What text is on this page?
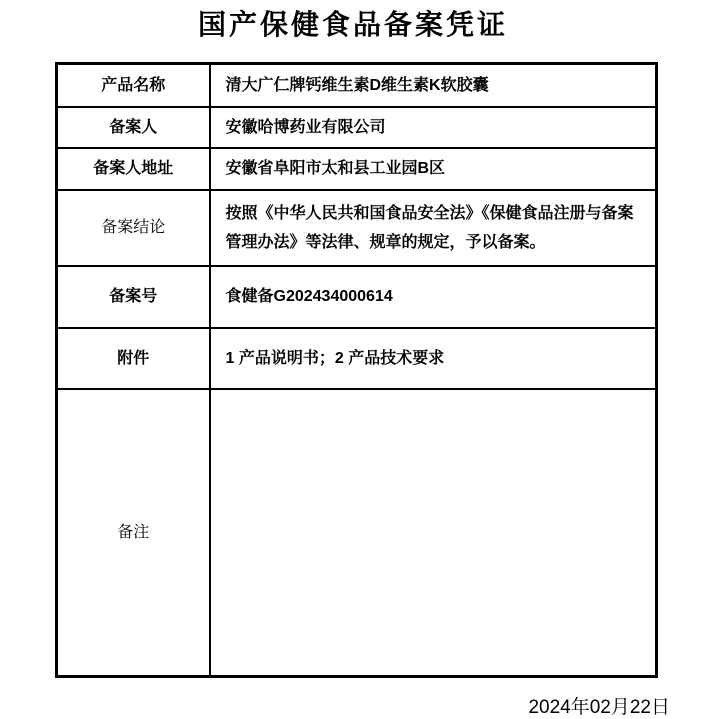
国产保健食品备案凭证
产品名称	清大广仁牌钙维生素D维生素K软胶囊
备案人	安徽哈博药业有限公司
备案人地址	安徽省阜阳市太和县工业园B区
备案结论	按照《中华人民共和国食品安全法》《保健食品注册与备案管理办法》等法律、规章的规定，予以备案。
备案号	食健备G202434000614
附件	1 产品说明书；2 产品技术要求
备注	
2024年02月22日
